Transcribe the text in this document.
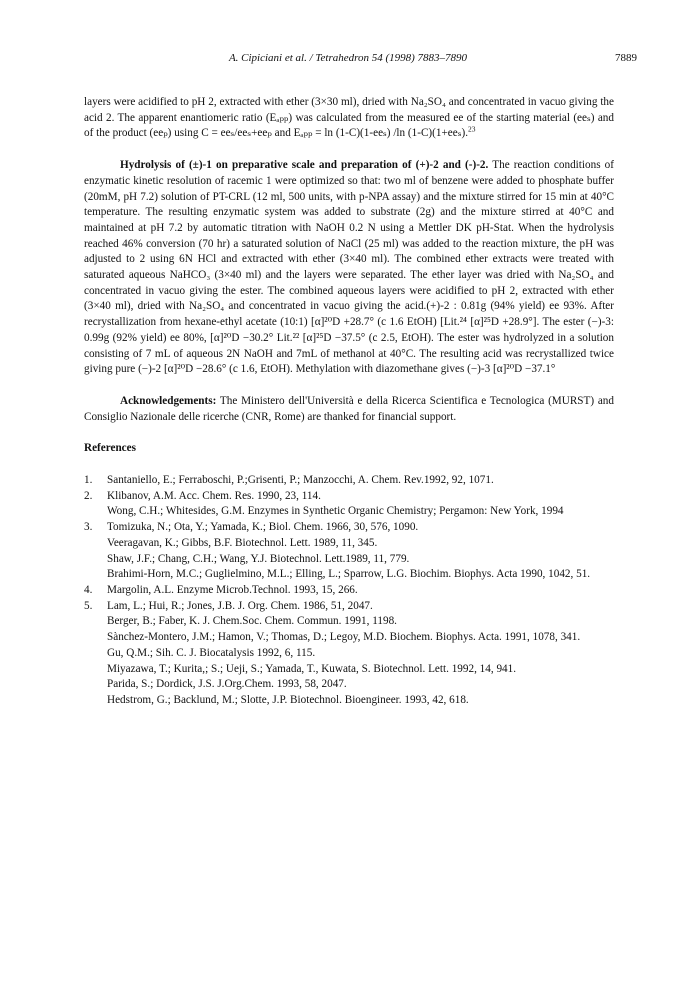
A. Cipiciani et al. / Tetrahedron 54 (1998) 7883–7890	7889

layers were acidified to pH 2, extracted with ether (3×30 ml), dried with Na₂SO₄ and concentrated in vacuo giving the acid 2. The apparent enantiomeric ratio (Eₐₚₚ) was calculated from the measured ee of the starting material (eeₛ) and of the product (eeₚ) using C = eeₛ/eeₛ+eeₚ and Eₐₚₚ = ln (1-C)(1-eeₛ) /ln (1-C)(1+eeₛ).$^{23}$

Hydrolysis of (±)-1 on preparative scale and preparation of (+)-2 and (-)-2. The reaction conditions of enzymatic kinetic resolution of racemic 1 were optimized so that: two ml of benzene were added to phosphate buffer (20mM, pH 7.2) solution of PT-CRL (12 ml, 500 units, with p-NPA assay) and the mixture stirred for 15 min at 40°C temperature. The resulting enzymatic system was added to substrate (2g) and the mixture stirred at 40°C and maintained at pH 7.2 by automatic titration with NaOH 0.2 N using a Mettler DK pH-Stat. When the hydrolysis reached 46% conversion (70 hr) a saturated solution of NaCl (25 ml) was added to the reaction mixture, the pH was adjusted to 2 using 6N HCl and extracted with ether (3×40 ml). The combined ether extracts were treated with saturated aqueous NaHCO₃ (3×40 ml) and the layers were separated. The ether layer was dried with Na₂SO₄ and concentrated in vacuo giving the ester. The combined aqueous layers were acidified to pH 2, extracted with ether (3×40 ml), dried with Na₂SO₄ and concentrated in vacuo giving the acid.(+)-2 : 0.81g (94% yield) ee 93%. After recrystallization from hexane-ethyl acetate (10:1) [α]²⁰D +28.7° (c 1.6 EtOH) [Lit.²⁴ [α]²⁵D +28.9°]. The ester (−)-3: 0.99g (92% yield) ee 80%, [α]²⁰D −30.2° Lit.²² [α]²⁵D −37.5° (c 2.5, EtOH). The ester was hydrolyzed in a solution consisting of 7 mL of aqueous 2N NaOH and 7mL of methanol at 40°C. The resulting acid was recrystallized twice giving pure (−)-2 [α]²⁰D −28.6° (c 1.6, EtOH). Methylation with diazomethane gives (−)-3 [α]²⁰D −37.1°

Acknowledgements: The Ministero dell'Università e della Ricerca Scientifica e Tecnologica (MURST) and Consiglio Nazionale delle ricerche (CNR, Rome) are thanked for financial support.

References

1. Santaniello, E.; Ferraboschi, P.;Grisenti, P.; Manzocchi, A. Chem. Rev.1992, 92, 1071.
2. Klibanov, A.M. Acc. Chem. Res. 1990, 23, 114.
Wong, C.H.; Whitesides, G.M. Enzymes in Synthetic Organic Chemistry; Pergamon: New York, 1994
3. Tomizuka, N.; Ota, Y.; Yamada, K.; Biol. Chem. 1966, 30, 576, 1090.
Veeragavan, K.; Gibbs, B.F. Biotechnol. Lett. 1989, 11, 345.
Shaw, J.F.; Chang, C.H.; Wang, Y.J. Biotechnol. Lett.1989, 11, 779.
Brahimi-Horn, M.C.; Guglielmino, M.L.; Elling, L.; Sparrow, L.G. Biochim. Biophys. Acta 1990, 1042, 51.
4. Margolin, A.L. Enzyme Microb.Technol. 1993, 15, 266.
5. Lam, L.; Hui, R.; Jones, J.B. J. Org. Chem. 1986, 51, 2047.
Berger, B.; Faber, K. J. Chem.Soc. Chem. Commun. 1991, 1198.
Sànchez-Montero, J.M.; Hamon, V.; Thomas, D.; Legoy, M.D. Biochem. Biophys. Acta. 1991, 1078, 341.
Gu, Q.M.; Sih. C. J. Biocatalysis 1992, 6, 115.
Miyazawa, T.; Kurita,; S.; Ueji, S.; Yamada, T., Kuwata, S. Biotechnol. Lett. 1992, 14, 941.
Parida, S.; Dordick, J.S. J.Org.Chem. 1993, 58, 2047.
Hedstrom, G.; Backlund, M.; Slotte, J.P. Biotechnol. Bioengineer. 1993, 42, 618.
